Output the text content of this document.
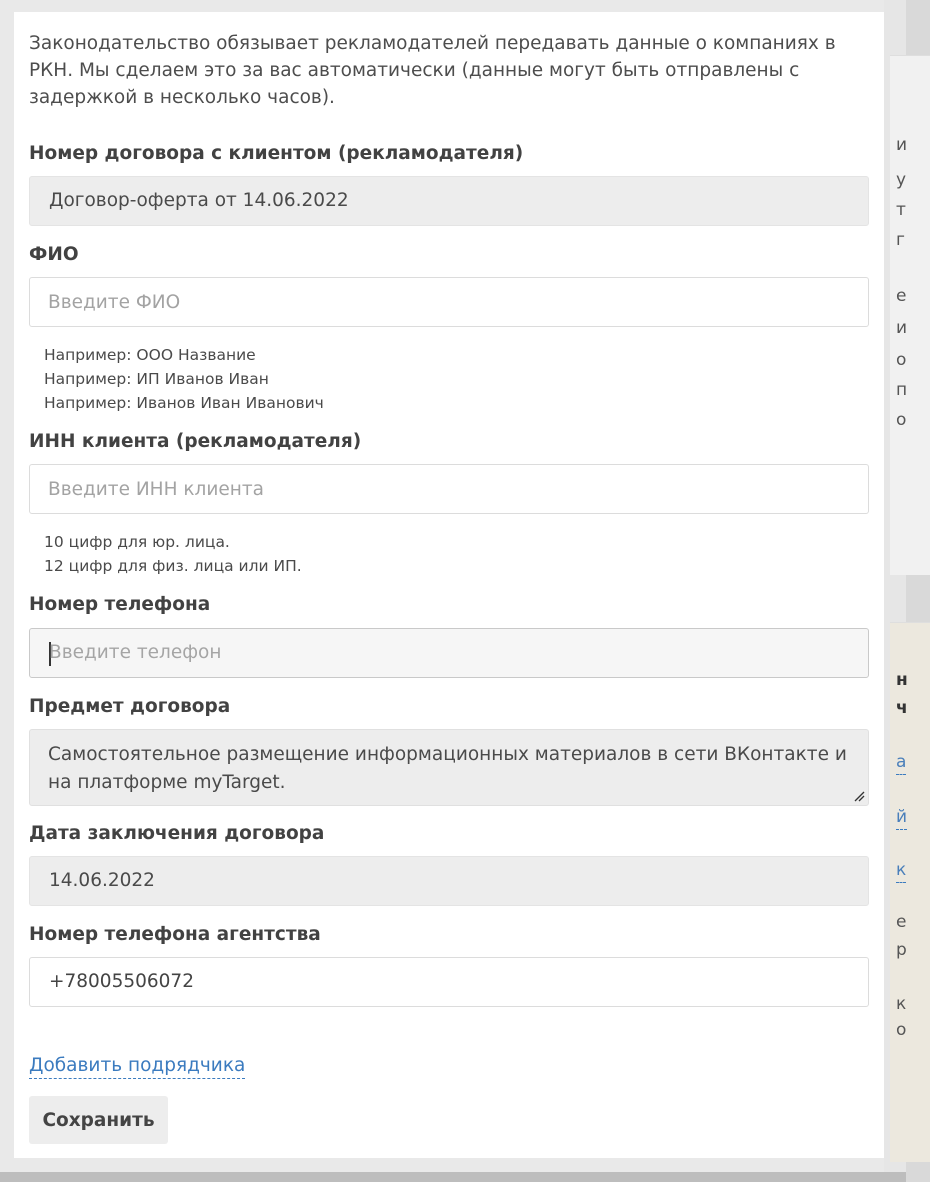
и
у
т
г
e
и
о
п
о
н
ч
а
й
к
е
р
к
о

Законодательство обязывает рекламодателей передавать данные о компаниях в РКН. Мы сделаем это за вас автоматически (данные могут быть отправлены с задержкой в несколько часов).

Номер договора с клиентом (рекламодателя)
Договор-оферта от 14.06.2022
ФИО
Введите ФИО
Например: ООО Название
Например: ИП Иванов Иван
Например: Иванов Иван Иванович
ИНН клиента (рекламодателя)
Введите ИНН клиента
10 цифр для юр. лица.
12 цифр для физ. лица или ИП.
Номер телефона
Введите телефон
Предмет договора
Самостоятельное размещение информационных материалов в сети ВКонтакте и на платформе myTarget.
Дата заключения договора
14.06.2022
Номер телефона агентства
+78005506072
Добавить подрядчика
Сохранить
